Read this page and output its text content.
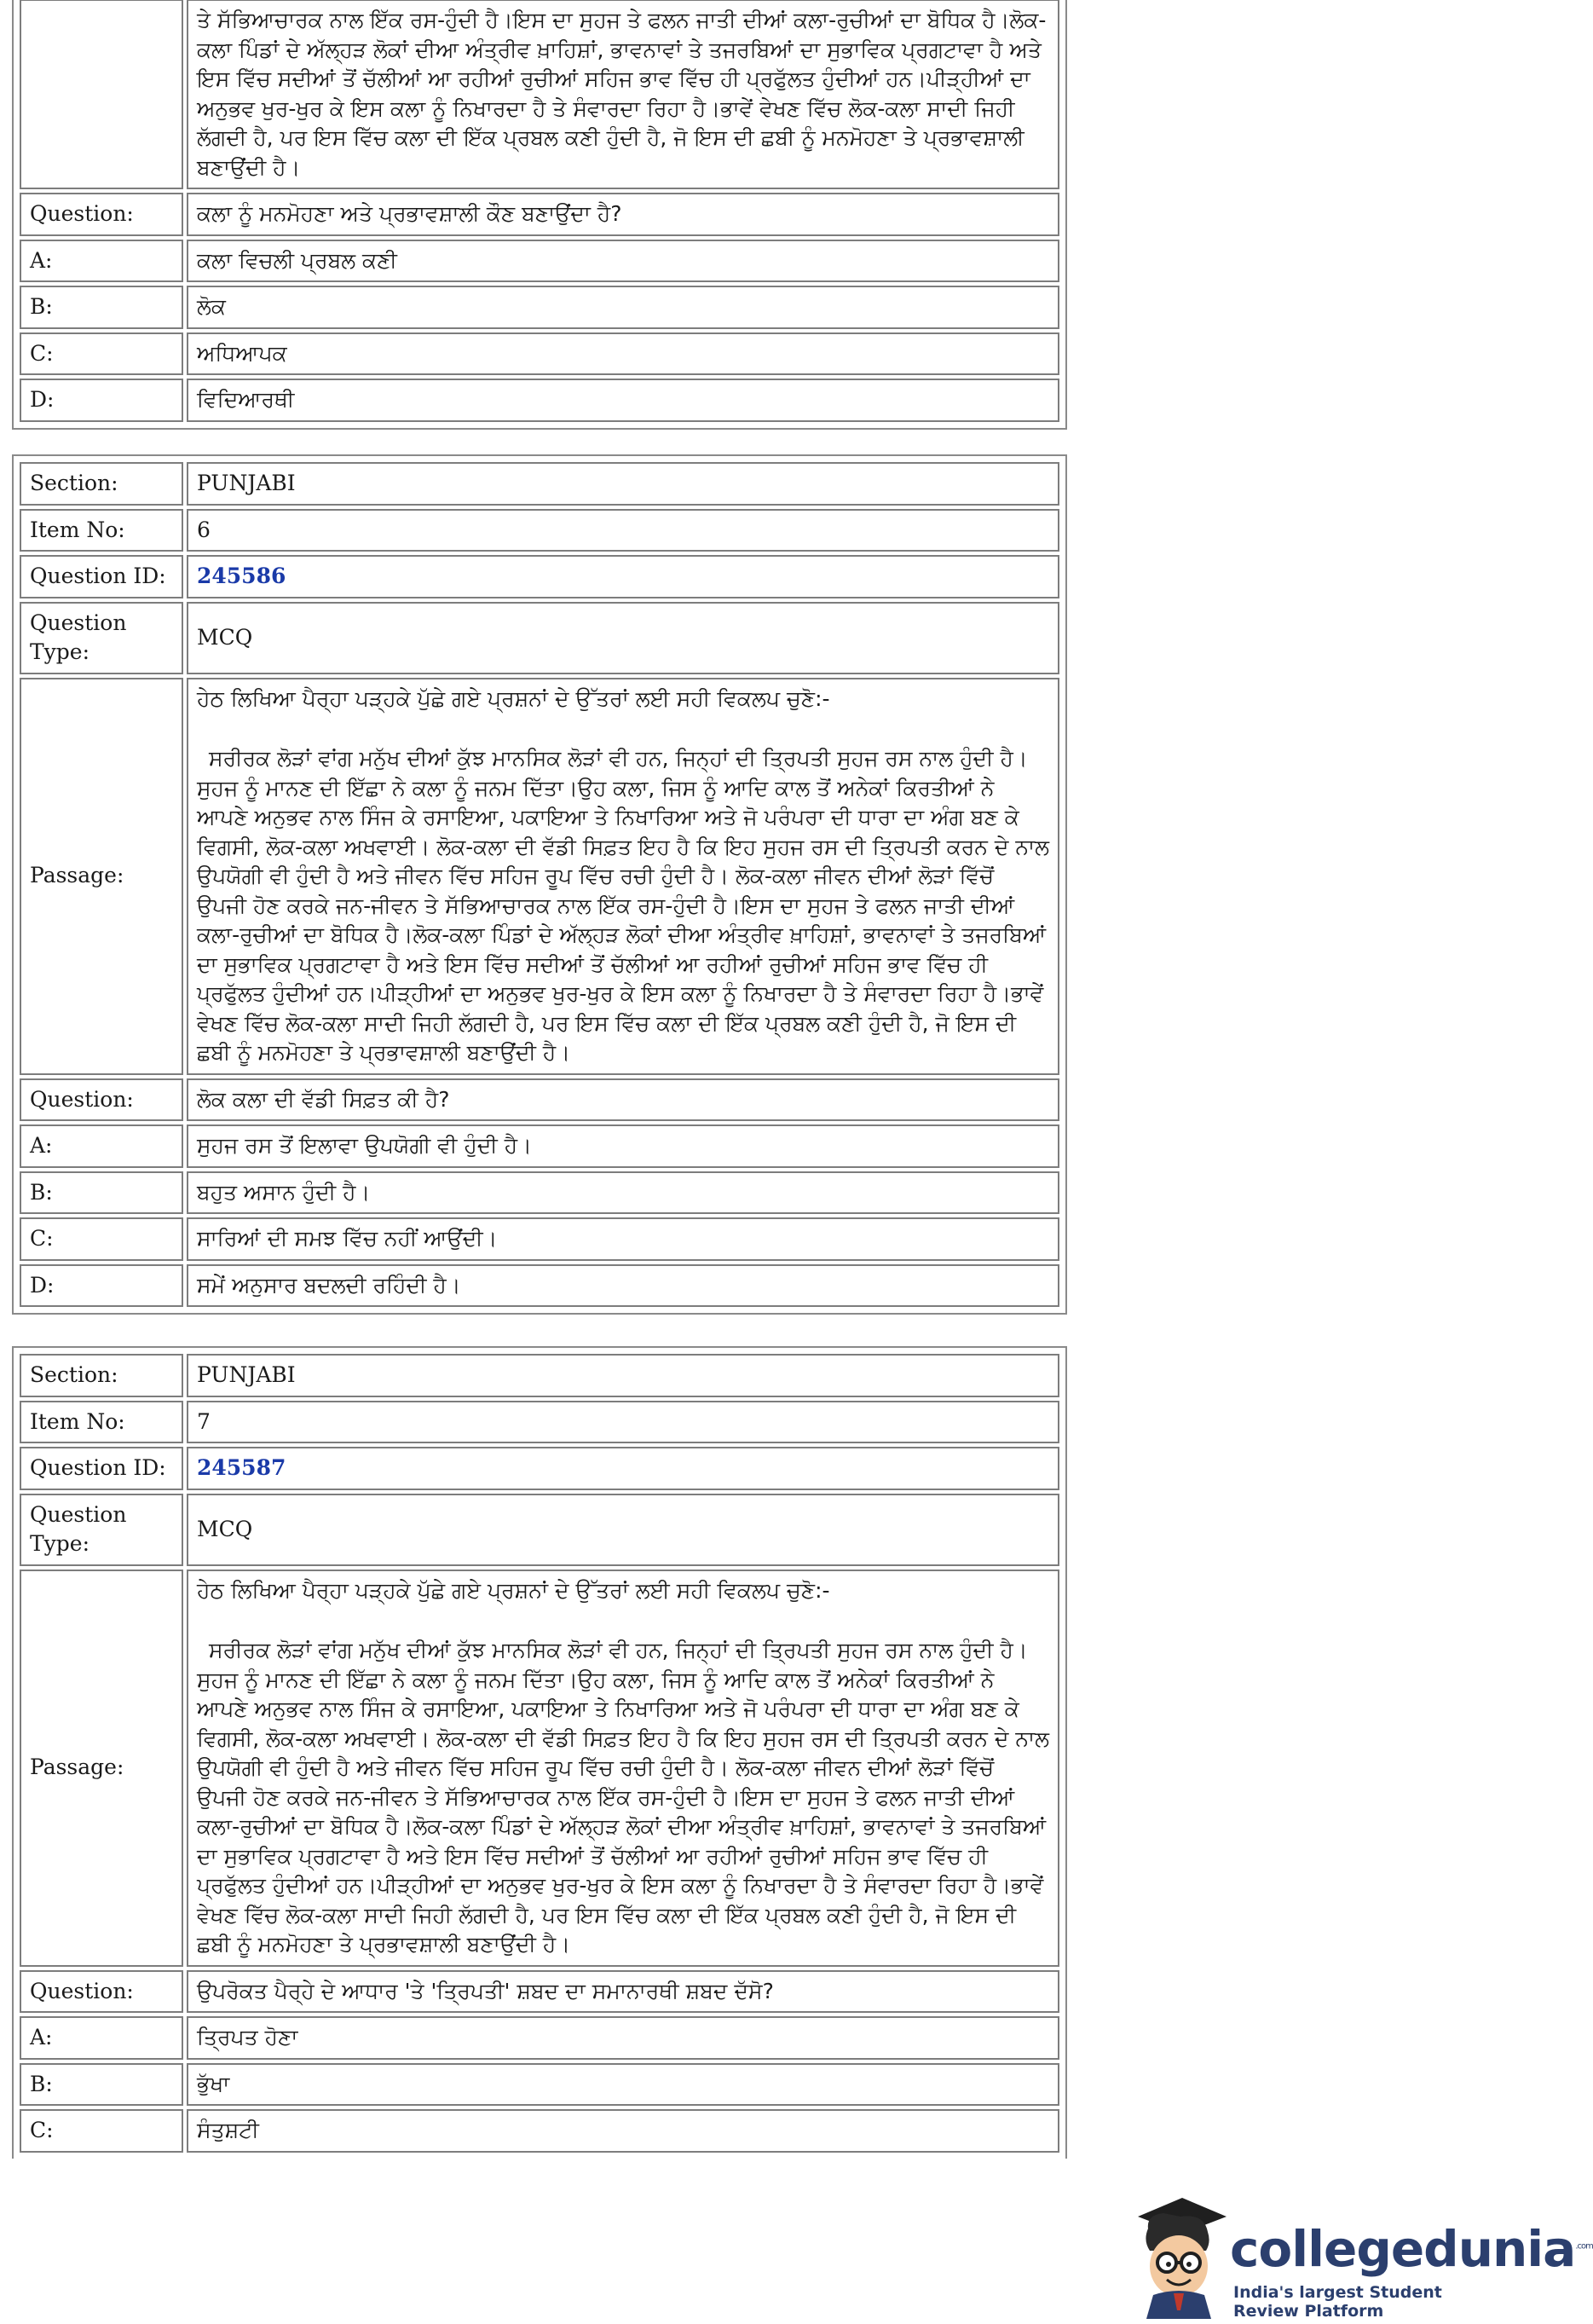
	ਤੇ ਸੱਭਿਆਚਾਰਕ ਨਾਲ ਇੱਕ ਰਸ-ਹੁੰਦੀ ਹੈ।ਇਸ ਦਾ ਸੁਹਜ ਤੇ ਫਲਨ ਜਾਤੀ ਦੀਆਂ ਕਲਾ-ਰੁਚੀਆਂ ਦਾ ਬੋਧਿਕ ਹੈ।ਲੋਕ-ਕਲਾ ਪਿੰਡਾਂ ਦੇ ਅੱਲ੍ਹੜ ਲੋਕਾਂ ਦੀਆ ਅੰਤ੍ਰੀਵ ਖ਼ਾਹਿਸ਼ਾਂ, ਭਾਵਨਾਵਾਂ ਤੇ ਤਜਰਬਿਆਂ ਦਾ ਸੁਭਾਵਿਕ ਪ੍ਰਗਟਾਵਾ ਹੈ ਅਤੇ ਇਸ ਵਿੱਚ ਸਦੀਆਂ ਤੋਂ ਚੱਲੀਆਂ ਆ ਰਹੀਆਂ ਰੁਚੀਆਂ ਸਹਿਜ ਭਾਵ ਵਿੱਚ ਹੀ ਪ੍ਰਫੁੱਲਤ ਹੁੰਦੀਆਂ ਹਨ।ਪੀੜ੍ਹੀਆਂ ਦਾ ਅਨੁਭਵ ਖੁਰ-ਖੁਰ ਕੇ ਇਸ ਕਲਾ ਨੂੰ ਨਿਖਾਰਦਾ ਹੈ ਤੇ ਸੰਵਾਰਦਾ ਰਿਹਾ ਹੈ।ਭਾਵੇਂ ਵੇਖਣ ਵਿੱਚ ਲੋਕ-ਕਲਾ ਸਾਦੀ ਜਿਹੀ ਲੱਗਦੀ ਹੈ, ਪਰ ਇਸ ਵਿੱਚ ਕਲਾ ਦੀ ਇੱਕ ਪ੍ਰਬਲ ਕਣੀ ਹੁੰਦੀ ਹੈ, ਜੋ ਇਸ ਦੀ ਛਬੀ ਨੂੰ ਮਨਮੋਹਣਾ ਤੇ ਪ੍ਰਭਾਵਸ਼ਾਲੀ ਬਣਾਉਂਦੀ ਹੈ।

Question:	ਕਲਾ ਨੂੰ ਮਨਮੋਹਣਾ ਅਤੇ ਪ੍ਰਭਾਵਸ਼ਾਲੀ ਕੌਣ ਬਣਾਉਂਦਾ ਹੈ?
A:	ਕਲਾ ਵਿਚਲੀ ਪ੍ਰਬਲ ਕਣੀ
B:	ਲੋਕ
C:	ਅਧਿਆਪਕ
D:	ਵਿਦਿਆਰਥੀ
Section:	PUNJABI
Item No:	6
Question ID:	245586
Question Type:	MCQ
Passage:	ਹੇਠ ਲਿਖਿਆ ਪੈਰ੍ਹਾ ਪੜ੍ਹਕੇ ਪੁੱਛੇ ਗਏ ਪ੍ਰਸ਼ਨਾਂ ਦੇ ਉੱਤਰਾਂ ਲਈ ਸਹੀ ਵਿਕਲਪ ਚੁਣੋ:-
ਸਰੀਰਕ ਲੋੜਾਂ ਵਾਂਗ ਮਨੁੱਖ ਦੀਆਂ ਕੁੱਝ ਮਾਨਸਿਕ ਲੋੜਾਂ ਵੀ ਹਨ, ਜਿਨ੍ਹਾਂ ਦੀ ਤ੍ਰਿਪਤੀ ਸੁਹਜ ਰਸ ਨਾਲ ਹੁੰਦੀ ਹੈ।ਸੁਹਜ ਨੂੰ ਮਾਨਣ ਦੀ ਇੱਛਾ ਨੇ ਕਲਾ ਨੂੰ ਜਨਮ ਦਿੱਤਾ।ਉਹ ਕਲਾ, ਜਿਸ ਨੂੰ ਆਦਿ ਕਾਲ ਤੋਂ ਅਨੇਕਾਂ ਕਿਰਤੀਆਂ ਨੇ ਆਪਣੇ ਅਨੁਭਵ ਨਾਲ ਸਿੰਜ ਕੇ ਰਸਾਇਆ, ਪਕਾਇਆ ਤੇ ਨਿਖਾਰਿਆ ਅਤੇ ਜੋ ਪਰੰਪਰਾ ਦੀ ਧਾਰਾ ਦਾ ਅੰਗ ਬਣ ਕੇ ਵਿਗਸੀ, ਲੋਕ-ਕਲਾ ਅਖਵਾਈ। ਲੋਕ-ਕਲਾ ਦੀ ਵੱਡੀ ਸਿਫ਼ਤ ਇਹ ਹੈ ਕਿ ਇਹ ਸੁਹਜ ਰਸ ਦੀ ਤ੍ਰਿਪਤੀ ਕਰਨ ਦੇ ਨਾਲ ਉਪਯੋਗੀ ਵੀ ਹੁੰਦੀ ਹੈ ਅਤੇ ਜੀਵਨ ਵਿੱਚ ਸਹਿਜ ਰੂਪ ਵਿੱਚ ਰਚੀ ਹੁੰਦੀ ਹੈ। ਲੋਕ-ਕਲਾ ਜੀਵਨ ਦੀਆਂ ਲੋੜਾਂ ਵਿੱਚੋਂ ਉਪਜੀ ਹੋਣ ਕਰਕੇ ਜਨ-ਜੀਵਨ ਤੇ ਸੱਭਿਆਚਾਰਕ ਨਾਲ ਇੱਕ ਰਸ-ਹੁੰਦੀ ਹੈ।ਇਸ ਦਾ ਸੁਹਜ ਤੇ ਫਲਨ ਜਾਤੀ ਦੀਆਂ ਕਲਾ-ਰੁਚੀਆਂ ਦਾ ਬੋਧਿਕ ਹੈ।ਲੋਕ-ਕਲਾ ਪਿੰਡਾਂ ਦੇ ਅੱਲ੍ਹੜ ਲੋਕਾਂ ਦੀਆ ਅੰਤ੍ਰੀਵ ਖ਼ਾਹਿਸ਼ਾਂ, ਭਾਵਨਾਵਾਂ ਤੇ ਤਜਰਬਿਆਂ ਦਾ ਸੁਭਾਵਿਕ ਪ੍ਰਗਟਾਵਾ ਹੈ ਅਤੇ ਇਸ ਵਿੱਚ ਸਦੀਆਂ ਤੋਂ ਚੱਲੀਆਂ ਆ ਰਹੀਆਂ ਰੁਚੀਆਂ ਸਹਿਜ ਭਾਵ ਵਿੱਚ ਹੀ ਪ੍ਰਫੁੱਲਤ ਹੁੰਦੀਆਂ ਹਨ।ਪੀੜ੍ਹੀਆਂ ਦਾ ਅਨੁਭਵ ਖੁਰ-ਖੁਰ ਕੇ ਇਸ ਕਲਾ ਨੂੰ ਨਿਖਾਰਦਾ ਹੈ ਤੇ ਸੰਵਾਰਦਾ ਰਿਹਾ ਹੈ।ਭਾਵੇਂ ਵੇਖਣ ਵਿੱਚ ਲੋਕ-ਕਲਾ ਸਾਦੀ ਜਿਹੀ ਲੱਗਦੀ ਹੈ, ਪਰ ਇਸ ਵਿੱਚ ਕਲਾ ਦੀ ਇੱਕ ਪ੍ਰਬਲ ਕਣੀ ਹੁੰਦੀ ਹੈ, ਜੋ ਇਸ ਦੀ ਛਬੀ ਨੂੰ ਮਨਮੋਹਣਾ ਤੇ ਪ੍ਰਭਾਵਸ਼ਾਲੀ ਬਣਾਉਂਦੀ ਹੈ।

Question:	ਲੋਕ ਕਲਾ ਦੀ ਵੱਡੀ ਸਿਫ਼ਤ ਕੀ ਹੈ?
A:	ਸੁਹਜ ਰਸ ਤੋਂ ਇਲਾਵਾ ਉਪਯੋਗੀ ਵੀ ਹੁੰਦੀ ਹੈ।
B:	ਬਹੁਤ ਅਸਾਨ ਹੁੰਦੀ ਹੈ।
C:	ਸਾਰਿਆਂ ਦੀ ਸਮਝ ਵਿੱਚ ਨਹੀਂ ਆਉਂਦੀ।
D:	ਸਮੇਂ ਅਨੁਸਾਰ ਬਦਲਦੀ ਰਹਿੰਦੀ ਹੈ।
Section:	PUNJABI
Item No:	7
Question ID:	245587
Question Type:	MCQ
Passage:	ਹੇਠ ਲਿਖਿਆ ਪੈਰ੍ਹਾ ਪੜ੍ਹਕੇ ਪੁੱਛੇ ਗਏ ਪ੍ਰਸ਼ਨਾਂ ਦੇ ਉੱਤਰਾਂ ਲਈ ਸਹੀ ਵਿਕਲਪ ਚੁਣੋ:-
ਸਰੀਰਕ ਲੋੜਾਂ ਵਾਂਗ ਮਨੁੱਖ ਦੀਆਂ ਕੁੱਝ ਮਾਨਸਿਕ ਲੋੜਾਂ ਵੀ ਹਨ, ਜਿਨ੍ਹਾਂ ਦੀ ਤ੍ਰਿਪਤੀ ਸੁਹਜ ਰਸ ਨਾਲ ਹੁੰਦੀ ਹੈ।ਸੁਹਜ ਨੂੰ ਮਾਨਣ ਦੀ ਇੱਛਾ ਨੇ ਕਲਾ ਨੂੰ ਜਨਮ ਦਿੱਤਾ।ਉਹ ਕਲਾ, ਜਿਸ ਨੂੰ ਆਦਿ ਕਾਲ ਤੋਂ ਅਨੇਕਾਂ ਕਿਰਤੀਆਂ ਨੇ ਆਪਣੇ ਅਨੁਭਵ ਨਾਲ ਸਿੰਜ ਕੇ ਰਸਾਇਆ, ਪਕਾਇਆ ਤੇ ਨਿਖਾਰਿਆ ਅਤੇ ਜੋ ਪਰੰਪਰਾ ਦੀ ਧਾਰਾ ਦਾ ਅੰਗ ਬਣ ਕੇ ਵਿਗਸੀ, ਲੋਕ-ਕਲਾ ਅਖਵਾਈ। ਲੋਕ-ਕਲਾ ਦੀ ਵੱਡੀ ਸਿਫ਼ਤ ਇਹ ਹੈ ਕਿ ਇਹ ਸੁਹਜ ਰਸ ਦੀ ਤ੍ਰਿਪਤੀ ਕਰਨ ਦੇ ਨਾਲ ਉਪਯੋਗੀ ਵੀ ਹੁੰਦੀ ਹੈ ਅਤੇ ਜੀਵਨ ਵਿੱਚ ਸਹਿਜ ਰੂਪ ਵਿੱਚ ਰਚੀ ਹੁੰਦੀ ਹੈ। ਲੋਕ-ਕਲਾ ਜੀਵਨ ਦੀਆਂ ਲੋੜਾਂ ਵਿੱਚੋਂ ਉਪਜੀ ਹੋਣ ਕਰਕੇ ਜਨ-ਜੀਵਨ ਤੇ ਸੱਭਿਆਚਾਰਕ ਨਾਲ ਇੱਕ ਰਸ-ਹੁੰਦੀ ਹੈ।ਇਸ ਦਾ ਸੁਹਜ ਤੇ ਫਲਨ ਜਾਤੀ ਦੀਆਂ ਕਲਾ-ਰੁਚੀਆਂ ਦਾ ਬੋਧਿਕ ਹੈ।ਲੋਕ-ਕਲਾ ਪਿੰਡਾਂ ਦੇ ਅੱਲ੍ਹੜ ਲੋਕਾਂ ਦੀਆ ਅੰਤ੍ਰੀਵ ਖ਼ਾਹਿਸ਼ਾਂ, ਭਾਵਨਾਵਾਂ ਤੇ ਤਜਰਬਿਆਂ ਦਾ ਸੁਭਾਵਿਕ ਪ੍ਰਗਟਾਵਾ ਹੈ ਅਤੇ ਇਸ ਵਿੱਚ ਸਦੀਆਂ ਤੋਂ ਚੱਲੀਆਂ ਆ ਰਹੀਆਂ ਰੁਚੀਆਂ ਸਹਿਜ ਭਾਵ ਵਿੱਚ ਹੀ ਪ੍ਰਫੁੱਲਤ ਹੁੰਦੀਆਂ ਹਨ।ਪੀੜ੍ਹੀਆਂ ਦਾ ਅਨੁਭਵ ਖੁਰ-ਖੁਰ ਕੇ ਇਸ ਕਲਾ ਨੂੰ ਨਿਖਾਰਦਾ ਹੈ ਤੇ ਸੰਵਾਰਦਾ ਰਿਹਾ ਹੈ।ਭਾਵੇਂ ਵੇਖਣ ਵਿੱਚ ਲੋਕ-ਕਲਾ ਸਾਦੀ ਜਿਹੀ ਲੱਗਦੀ ਹੈ, ਪਰ ਇਸ ਵਿੱਚ ਕਲਾ ਦੀ ਇੱਕ ਪ੍ਰਬਲ ਕਣੀ ਹੁੰਦੀ ਹੈ, ਜੋ ਇਸ ਦੀ ਛਬੀ ਨੂੰ ਮਨਮੋਹਣਾ ਤੇ ਪ੍ਰਭਾਵਸ਼ਾਲੀ ਬਣਾਉਂਦੀ ਹੈ।

Question:	ਉਪਰੋਕਤ ਪੈਰ੍ਹੇ ਦੇ ਆਧਾਰ 'ਤੇ 'ਤ੍ਰਿਪਤੀ' ਸ਼ਬਦ ਦਾ ਸਮਾਨਾਰਥੀ ਸ਼ਬਦ ਦੱਸੋ?
A:	ਤ੍ਰਿਪਤ ਹੋਣਾ
B:	ਭੁੱਖਾ
C:	ਸੰਤੁਸ਼ਟੀ
collegedunia$^{.com}$
India's largest Student Review Platform
